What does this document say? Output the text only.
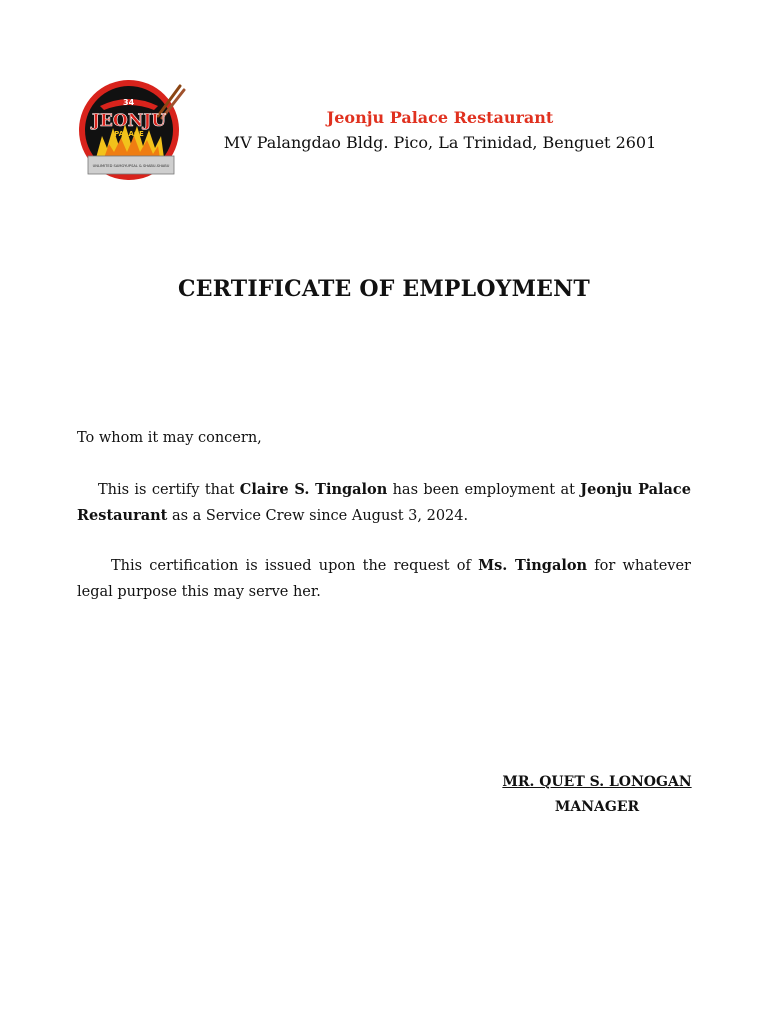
34
JEONJU
PALACE
UNLIMITED SAMGYUPSAL & SHABU-SHABU
Jeonju Palace Restaurant
MV Palangdao Bldg. Pico, La Trinidad, Benguet 2601
CERTIFICATE OF EMPLOYMENT
To whom it may concern,

This is certify that Claire S. Tingalon has been employment at Jeonju Palace Restaurant as a Service Crew since August 3, 2024.

This certification is issued upon the request of Ms. Tingalon for whatever legal purpose this may serve her.

MR. QUET S. LONOGAN
MANAGER
